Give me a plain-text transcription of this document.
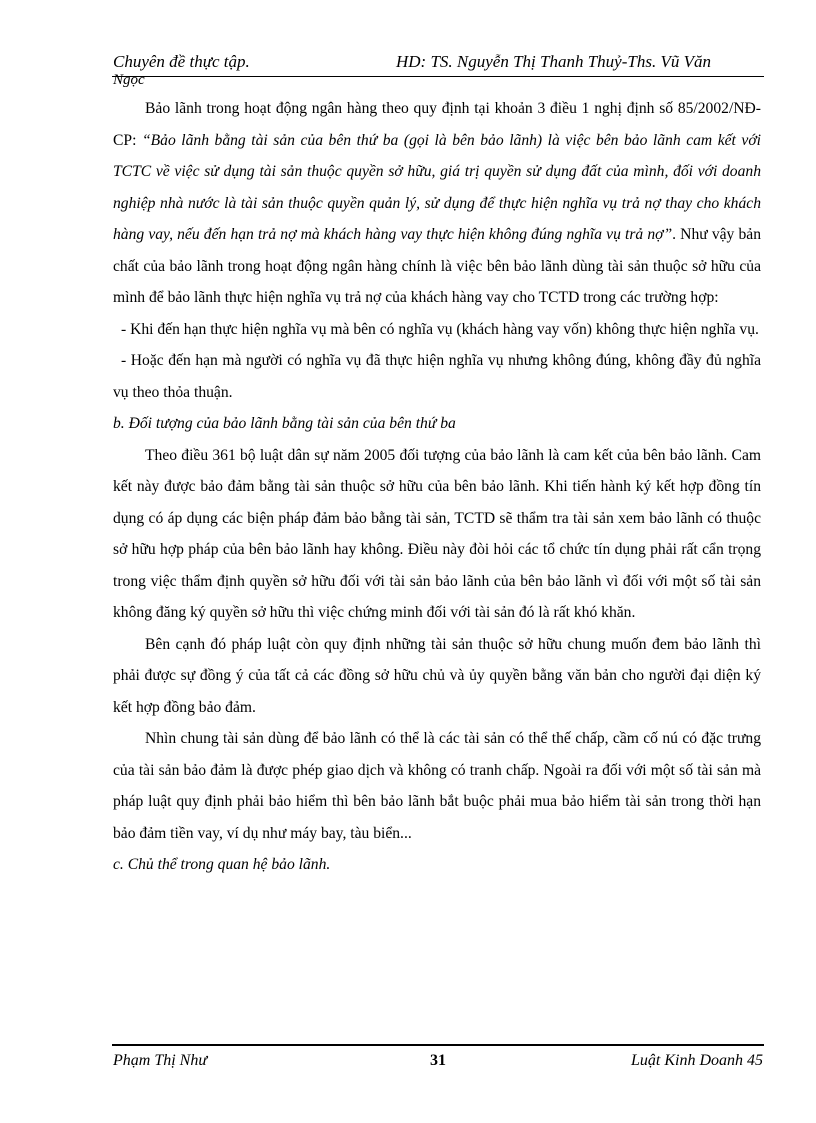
Chuyên đề thực tập.	HD: TS. Nguyễn Thị Thanh Thuỷ-Ths. Vũ Văn
Ngọc

Bảo lãnh trong hoạt động ngân hàng theo quy định tại khoản 3 điều 1 nghị định số 85/2002/NĐ-CP: “Bảo lãnh bằng tài sản của bên thứ ba (gọi là bên bảo lãnh) là việc bên bảo lãnh cam kết với TCTC về việc sử dụng tài sản thuộc quyền sở hữu, giá trị quyền sử dụng đất của mình, đối với doanh nghiệp nhà nước là tài sản thuộc quyền quản lý, sử dụng để thực hiện nghĩa vụ trả nợ thay cho khách hàng vay, nếu đến hạn trả nợ mà khách hàng vay thực hiện không đúng nghĩa vụ trả nợ”. Như vậy bản chất của bảo lãnh trong hoạt động ngân hàng chính là việc bên bảo lãnh dùng tài sản thuộc sở hữu của mình để bảo lãnh thực hiện nghĩa vụ trả nợ của khách hàng vay cho TCTD trong các trường hợp:

- Khi đến hạn thực hiện nghĩa vụ mà bên có nghĩa vụ (khách hàng vay vốn) không thực hiện nghĩa vụ.

- Hoặc đến hạn mà người có nghĩa vụ đã thực hiện nghĩa vụ nhưng không đúng, không đầy đủ nghĩa vụ theo thỏa thuận.

b. Đối tượng của bảo lãnh bằng tài sản của bên thứ ba

Theo điều 361 bộ luật dân sự năm 2005 đối tượng của bảo lãnh là cam kết của bên bảo lãnh. Cam kết này được bảo đảm bằng tài sản thuộc sở hữu của bên bảo lãnh. Khi tiến hành ký kết hợp đồng tín dụng có áp dụng các biện pháp đảm bảo bằng tài sản, TCTD sẽ thẩm tra tài sản xem bảo lãnh có thuộc sở hữu hợp pháp của bên bảo lãnh hay không. Điều này đòi hỏi các tổ chức tín dụng phải rất cẩn trọng trong việc thẩm định quyền sở hữu đối với tài sản bảo lãnh của bên bảo lãnh vì đối với một số tài sản không đăng ký quyền sở hữu thì việc chứng minh đối với tài sản đó là rất khó khăn.

Bên cạnh đó pháp luật còn quy định những tài sản thuộc sở hữu chung muốn đem bảo lãnh thì phải được sự đồng ý của tất cả các đồng sở hữu chủ và ủy quyền bằng văn bản cho người đại diện ký kết hợp đồng bảo đảm.

Nhìn chung tài sản dùng để bảo lãnh có thể là các tài sản có thể thế chấp, cầm cố nú có đặc trưng của tài sản bảo đảm là được phép giao dịch và không có tranh chấp. Ngoài ra đối với một số tài sản mà pháp luật quy định phải bảo hiểm thì bên bảo lãnh bắt buộc phải mua bảo hiểm tài sản trong thời hạn bảo đảm tiền vay, ví dụ như máy bay, tàu biển...

c. Chủ thể trong quan hệ bảo lãnh.

Phạm Thị Như	31	Luật Kinh Doanh 45
